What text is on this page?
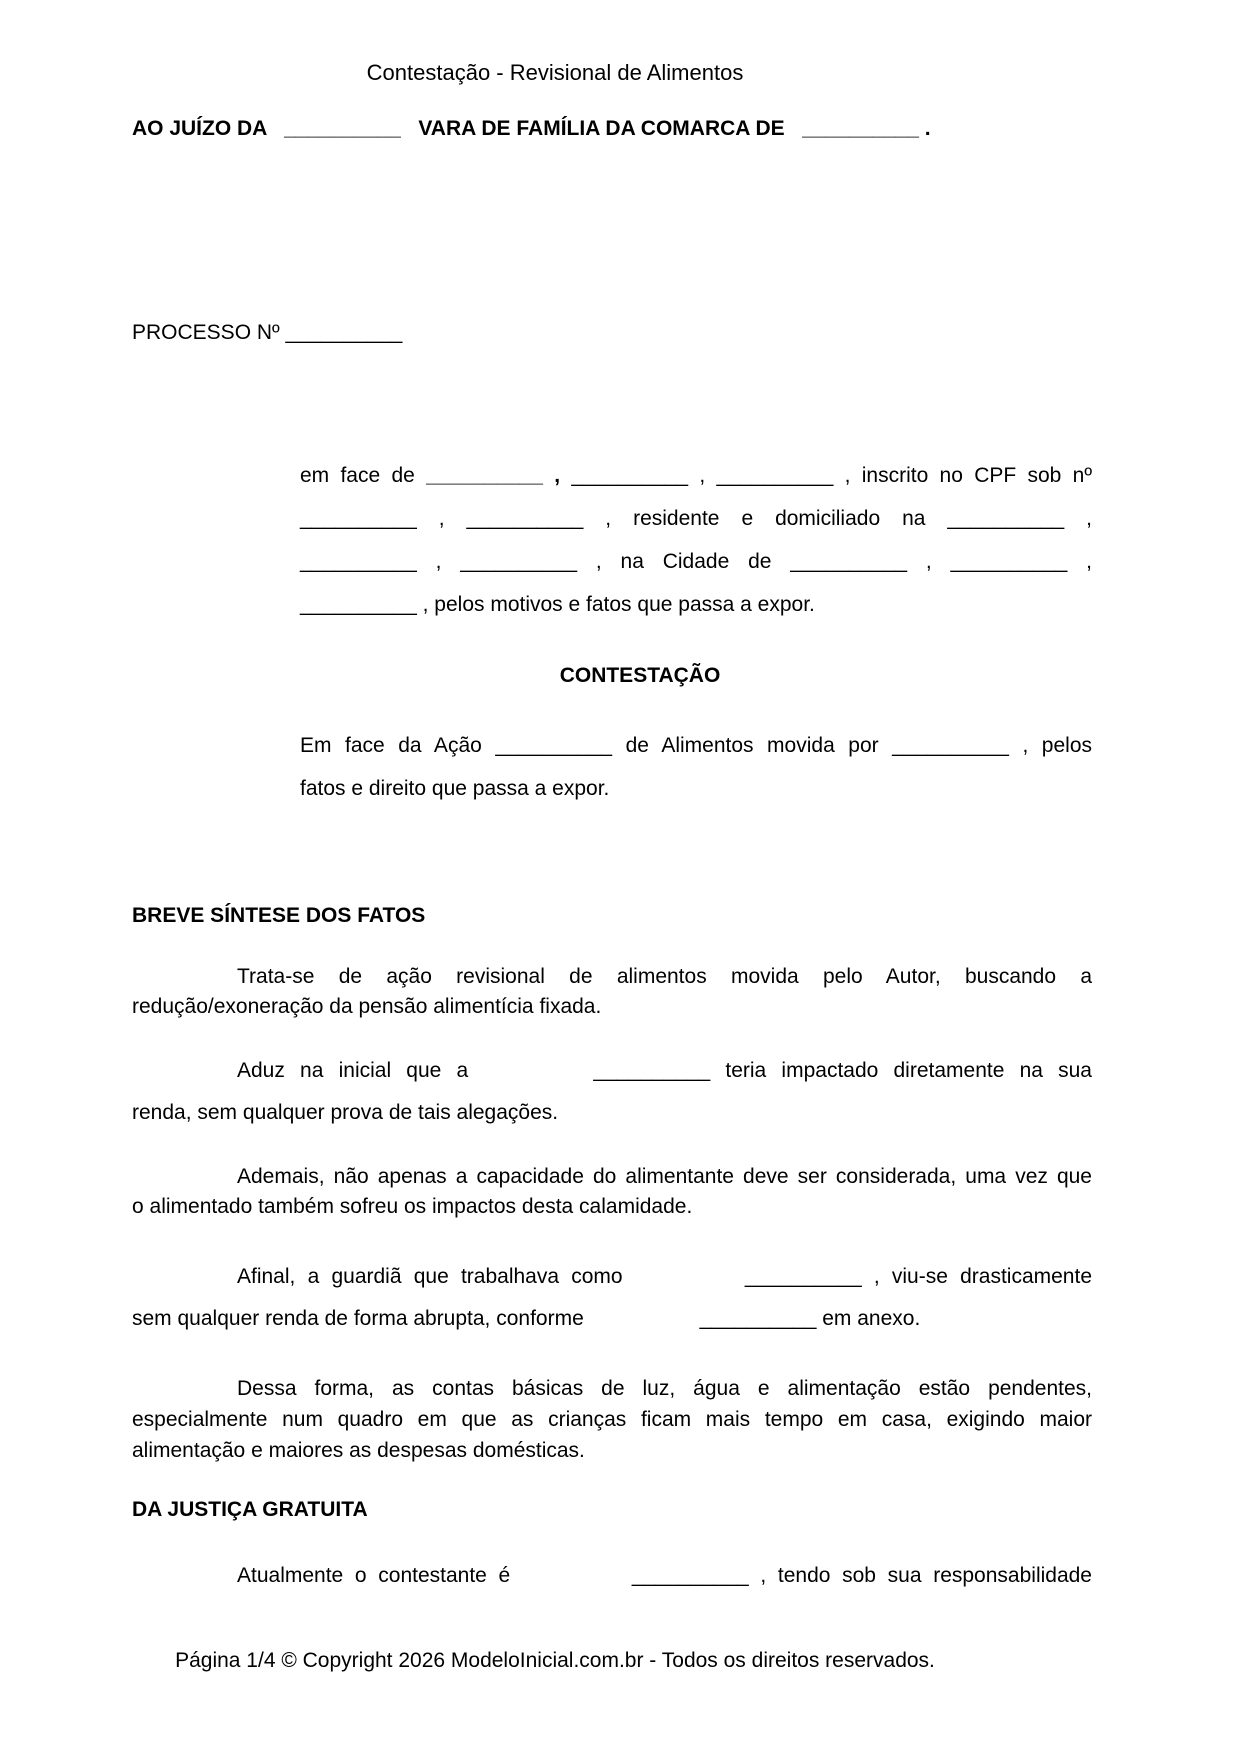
Contestação - Revisional de Alimentos
AO JUÍZO DA   __________   VARA DE FAMÍLIA DA COMARCA DE   __________ .
PROCESSO Nº __________
em face de __________ , __________ , __________ , inscrito no CPF sob nº
__________ , __________ , residente e domiciliado na __________ ,
__________ , __________ , na Cidade de __________ , __________ ,
__________ , pelos motivos e fatos que passa a expor.
CONTESTAÇÃO
Em face da Ação __________ de Alimentos movida por __________ , pelos
fatos e direito que passa a expor.
BREVE SÍNTESE DOS FATOS
Trata-se de ação revisional de alimentos movida pelo Autor, buscando a
redução/exoneração da pensão alimentícia fixada.
Aduz na inicial que a	__________ teria impactado diretamente na sua
renda, sem qualquer prova de tais alegações.
Ademais, não apenas a capacidade do alimentante deve ser considerada, uma vez que
o alimentado também sofreu os impactos desta calamidade.
Afinal, a guardiã que trabalhava como	__________ , viu-se drasticamente
sem qualquer renda de forma abrupta, conforme	__________ em anexo.
Dessa forma, as contas básicas de luz, água e alimentação estão pendentes,
especialmente num quadro em que as crianças ficam mais tempo em casa, exigindo maior
alimentação e maiores as despesas domésticas.
DA JUSTIÇA GRATUITA
Atualmente o contestante é	__________ , tendo sob sua responsabilidade
Página 1/4 © Copyright 2026 ModeloInicial.com.br - Todos os direitos reservados.
